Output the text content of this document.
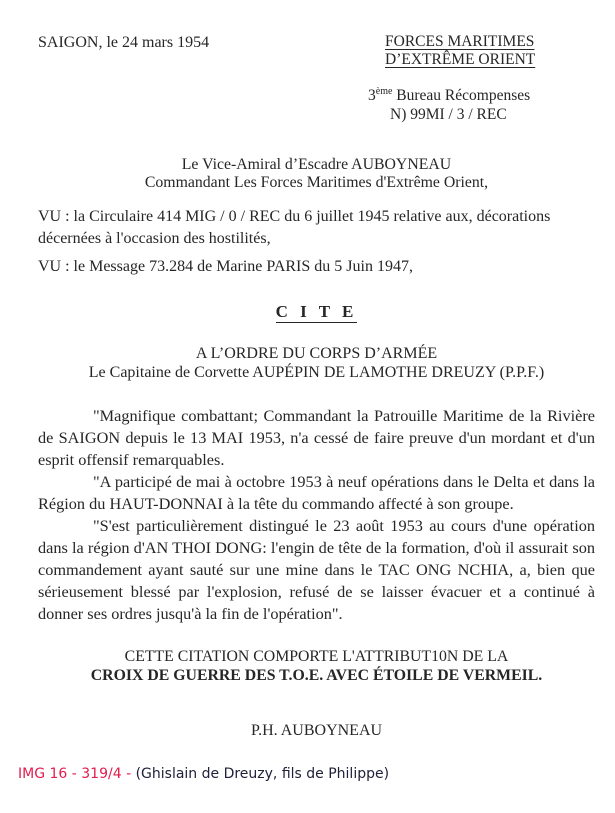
SAIGON, le 24 mars 1954	FORCES MARITIMES
D’EXTRÊME ORIENT
3ème Bureau Récompenses
N) 99MI / 3 / REC
Le Vice-Amiral d’Escadre AUBOYNEAU
Commandant Les Forces Maritimes d'Extrême Orient,
VU : la Circulaire 414 MIG / 0 / REC du 6 juillet 1945 relative aux, décorations décernées à l'occasion des hostilités,
VU : le Message 73.284 de Marine PARIS du 5 Juin 1947,
C I T E
A L’ORDRE DU CORPS D’ARMÉE
Le Capitaine de Corvette AUPÉPIN DE LAMOTHE DREUZY (P.P.F.)

"Magnifique combattant; Commandant la Patrouille Maritime de la Rivière de SAIGON depuis le 13 MAI 1953, n'a cessé de faire preuve d'un mordant et d'un esprit offensif remarquables.

"A participé de mai à octobre 1953 à neuf opérations dans le Delta et dans la Région du HAUT-DONNAI à la tête du commando affecté à son groupe.

"S'est particulièrement distingué le 23 août 1953 au cours d'une opération dans la région d'AN THOI DONG: l'engin de tête de la formation, d'où il assurait son commandement ayant sauté sur une mine dans le TAC ONG NCHIA, a, bien que sérieusement blessé par l'explosion, refusé de se laisser évacuer et a continué à donner ses ordres jusqu'à la fin de l'opération".

CETTE CITATION COMPORTE L'ATTRIBUT10N DE LA
CROIX DE GUERRE DES T.O.E. AVEC ÉTOILE DE VERMEIL.
P.H. AUBOYNEAU
IMG 16 - 319/4 - (Ghislain de Dreuzy, fils de Philippe)
